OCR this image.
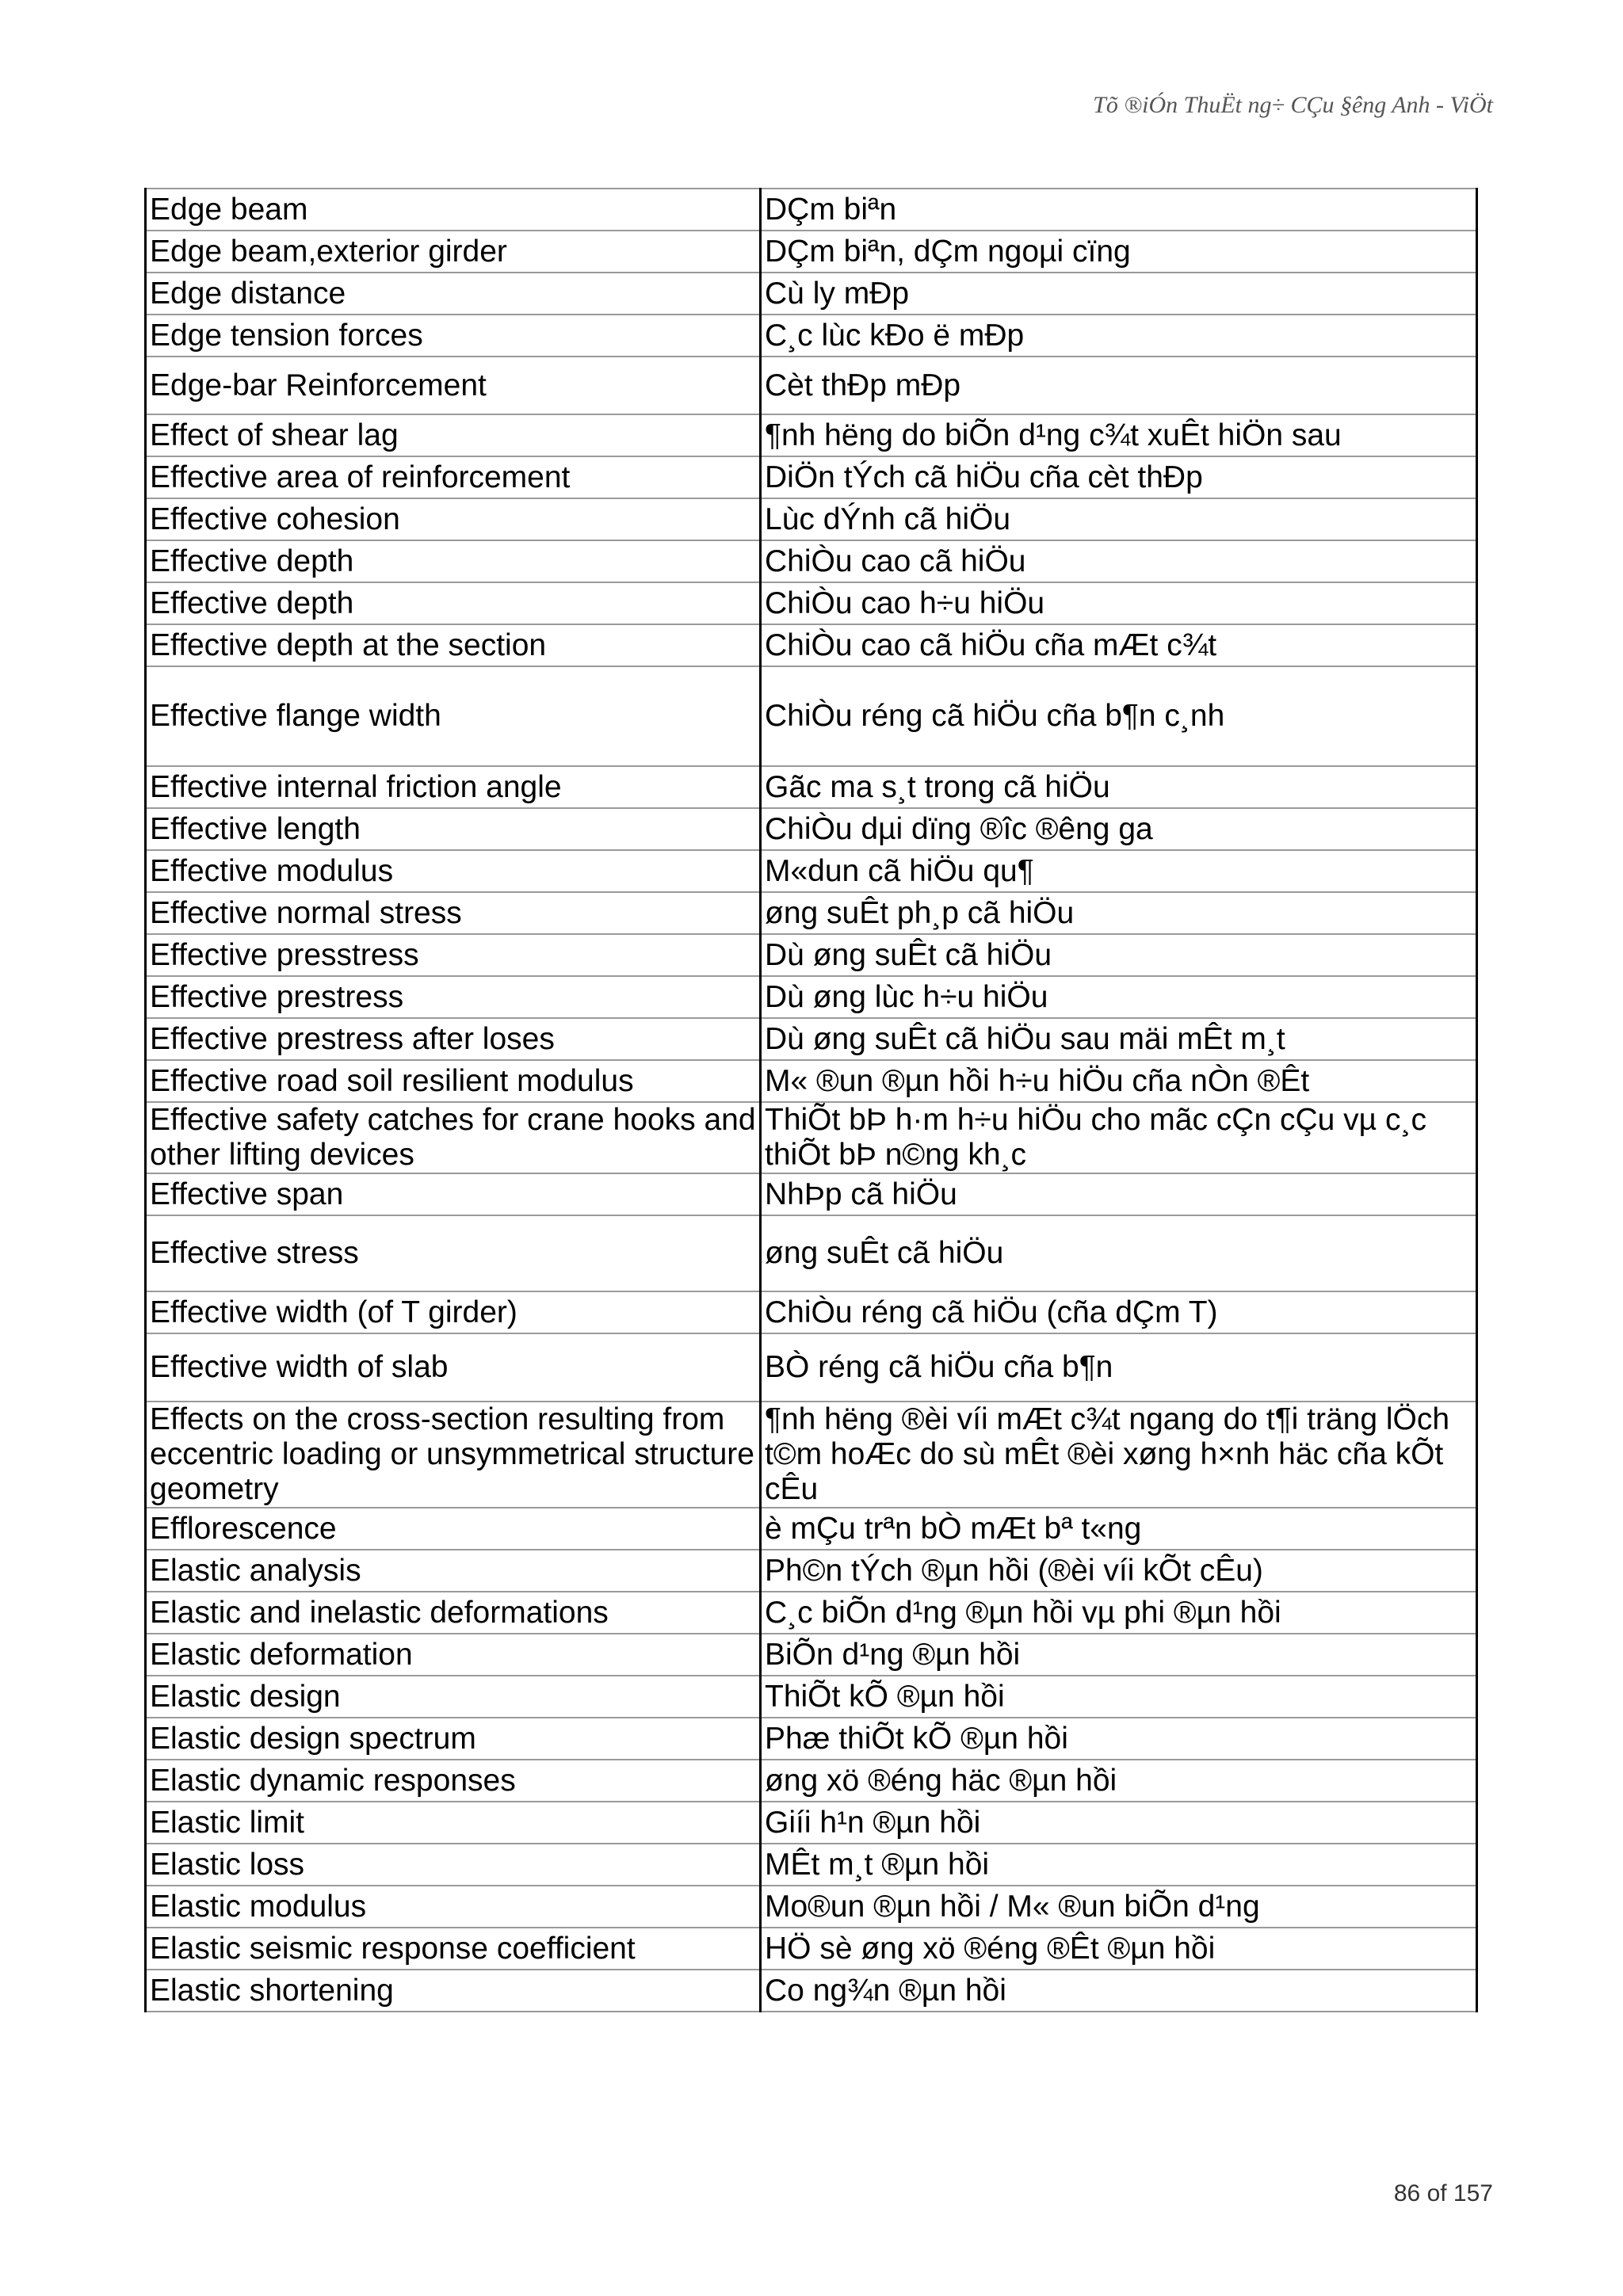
Tõ ®iÓn ThuËt ng÷ CÇu §êng Anh - ViÖt
Edge beam	DÇm biªn
Edge beam,exterior girder	DÇm biªn, dÇm ngoµi cïng
Edge distance	Cù ly mÐp
Edge tension forces	C¸c lùc kÐo ë mÐp
Edge-bar Reinforcement	Cèt thÐp mÐp
Effect of shear lag	¶nh hëng do biÕn d¹ng c¾t xuÊt hiÖn sau
Effective area of reinforcement	DiÖn tÝch cã hiÖu cña cèt thÐp
Effective cohesion	Lùc dÝnh cã hiÖu
Effective depth	ChiÒu cao cã hiÖu
Effective depth	ChiÒu cao h÷u hiÖu
Effective depth at the section	ChiÒu cao cã hiÖu cña mÆt c¾t
Effective flange width	ChiÒu réng cã hiÖu cña b¶n c¸nh
Effective internal friction angle	Gãc ma s¸t trong cã hiÖu
Effective length	ChiÒu dµi dïng ®îc ®êng ga
Effective modulus	M«dun cã hiÖu qu¶
Effective normal stress	øng suÊt ph¸p cã hiÖu
Effective presstress	Dù øng suÊt cã hiÖu
Effective prestress	Dù øng lùc h÷u hiÖu
Effective prestress after loses	Dù øng suÊt cã hiÖu sau mäi mÊt m¸t
Effective road soil resilient modulus	M« ®un ®µn hồi h÷u hiÖu cña nÒn ®Êt
Effective safety catches for crane hooks and other lifting devices	ThiÕt bÞ h·m h÷u hiÖu cho mãc cÇn cÇu vµ c¸c thiÕt bÞ n©ng kh¸c
Effective span	NhÞp cã hiÖu
Effective stress	øng suÊt cã hiÖu
Effective width (of T girder)	ChiÒu réng cã hiÖu (cña dÇm T)
Effective width of slab	BÒ réng cã hiÖu cña b¶n
Effects on the cross-section resulting from eccentric loading or unsymmetrical structure geometry	¶nh hëng ®èi víi mÆt c¾t ngang do t¶i träng lÖch t©m hoÆc do sù mÊt ®èi xøng h×nh häc cña kÕt cÊu
Efflorescence	è mÇu trªn bÒ mÆt bª t«ng
Elastic analysis	Ph©n tÝch ®µn hồi (®èi víi kÕt cÊu)
Elastic and inelastic deformations	C¸c biÕn d¹ng ®µn hồi vµ phi ®µn hồi
Elastic deformation	BiÕn d¹ng ®µn hồi
Elastic design	ThiÕt kÕ ®µn hồi
Elastic design spectrum	Phæ thiÕt kÕ ®µn hồi
Elastic dynamic responses	øng xö ®éng häc ®µn hồi
Elastic limit	Giíi h¹n ®µn hồi
Elastic loss	MÊt m¸t ®µn hồi
Elastic modulus	Mo®un ®µn hồi / M« ®un biÕn d¹ng
Elastic seismic response coefficient	HÖ sè øng xö ®éng ®Êt ®µn hồi
Elastic shortening	Co ng¾n ®µn hồi
86 of 157
